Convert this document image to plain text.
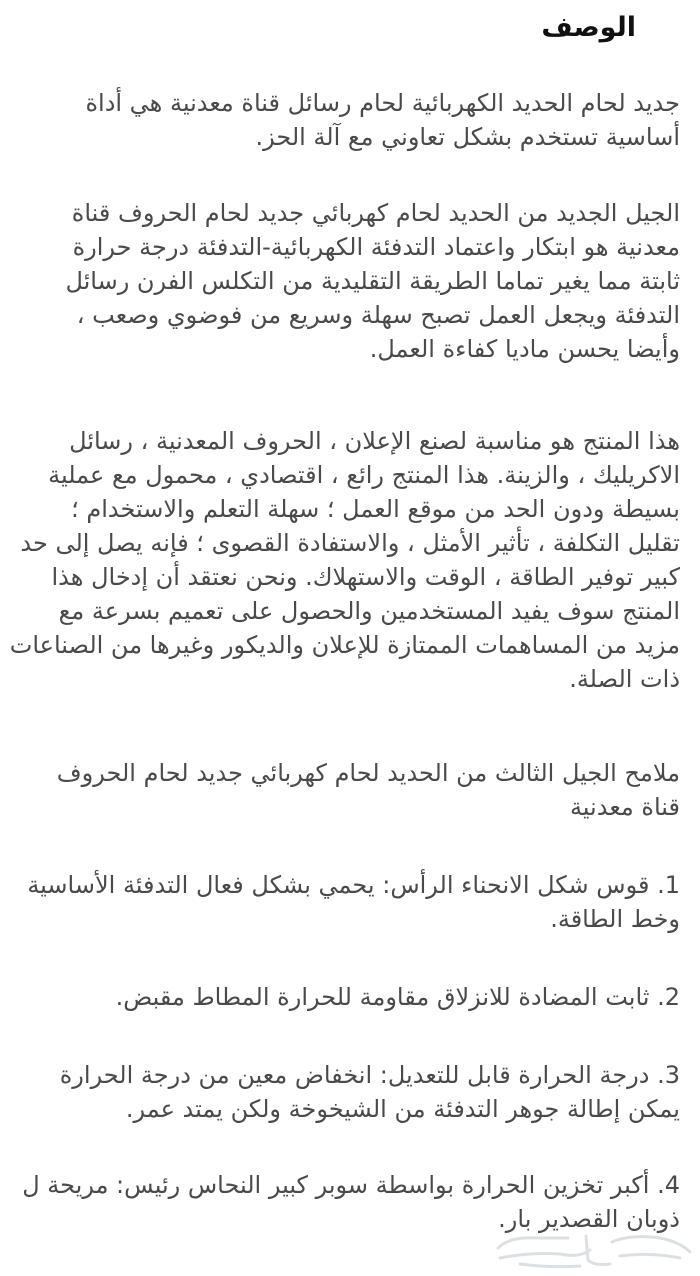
الوصف

جديد لحام الحديد الكهربائية لحام رسائل قناة معدنية هي أداة
أساسية تستخدم بشكل تعاوني مع آلة الحز.

الجيل الجديد من الحديد لحام كهربائي جديد لحام الحروف قناة
معدنية هو ابتكار واعتماد التدفئة الكهربائية-التدفئة درجة حرارة
ثابتة مما يغير تماما الطريقة التقليدية من التكلس الفرن رسائل
التدفئة ويجعل العمل تصبح سهلة وسريع من فوضوي وصعب ،
وأيضا يحسن ماديا كفاءة العمل.

هذا المنتج هو مناسبة لصنع الإعلان ، الحروف المعدنية ، رسائل
الاكريليك ، والزينة. هذا المنتج رائع ، اقتصادي ، محمول مع عملية
بسيطة ودون الحد من موقع العمل ؛ سهلة التعلم والاستخدام ؛
تقليل التكلفة ، تأثير الأمثل ، والاستفادة القصوى ؛ فإنه يصل إلى حد
كبير توفير الطاقة ، الوقت والاستهلاك. ونحن نعتقد أن إدخال هذا
المنتج سوف يفيد المستخدمين والحصول على تعميم بسرعة مع
مزيد من المساهمات الممتازة للإعلان والديكور وغيرها من الصناعات
ذات الصلة.

ملامح الجيل الثالث من الحديد لحام كهربائي جديد لحام الحروف
قناة معدنية

1. قوس شكل الانحناء الرأس: يحمي بشكل فعال التدفئة الأساسية
وخط الطاقة.

2. ثابت المضادة للانزلاق مقاومة للحرارة المطاط مقبض.

3. درجة الحرارة قابل للتعديل: انخفاض معين من درجة الحرارة
يمكن إطالة جوهر التدفئة من الشيخوخة ولكن يمتد عمر.

4. أكبر تخزين الحرارة بواسطة سوبر كبير النحاس رئيس: مريحة ل
ذوبان القصدير بار.
